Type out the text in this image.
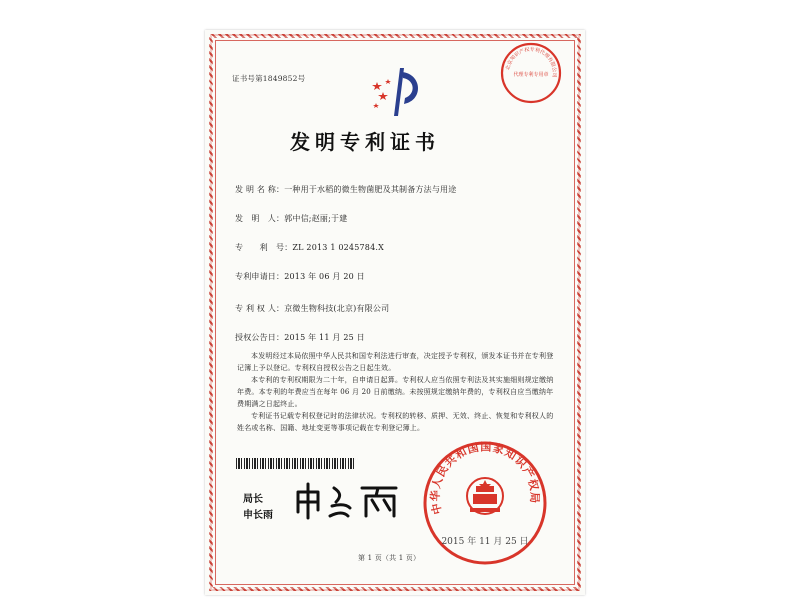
北京知识产权专利代理有限公司
代理专利专用章
证书号第1849852号
发明专利证书
发 明 名 称：一种用于水稻的微生物菌肥及其制备方法与用途
发　明　人：郭中信;赵丽;于建
专　　利　号：ZL 2013 1 0245784.X
专利申请日：2013 年 06 月 20 日
专 利 权 人：京微生物科技(北京)有限公司
授权公告日：2015 年 11 月 25 日

本发明经过本局依照中华人民共和国专利法进行审查，决定授予专利权，颁发本证书并在专利登记簿上予以登记。专利权自授权公告之日起生效。

本专利的专利权期限为二十年，自申请日起算。专利权人应当依照专利法及其实施细则规定缴纳年费。本专利的年费应当在每年 06 月 20 日前缴纳。未按照规定缴纳年费的，专利权自应当缴纳年费期满之日起终止。

专利证书记载专利权登记时的法律状况。专利权的转移、质押、无效、终止、恢复和专利权人的姓名或名称、国籍、地址变更等事项记载在专利登记簿上。

局长
申长雨	中华人民共和国国家知识产权局
2015 年 11 月 25 日
第 1 页（共 1 页）
